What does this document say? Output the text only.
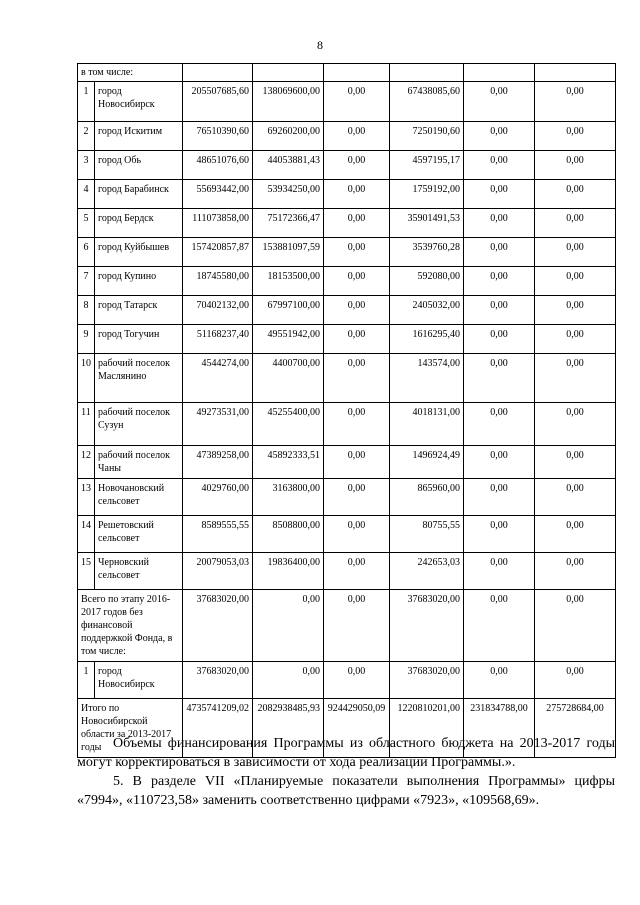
8
в том числе:							
1	город Новосибирск	205507685,60	138069600,00	0,00	67438085,60	0,00	0,00
2	город Искитим	76510390,60	69260200,00	0,00	7250190,60	0,00	0,00
3	город Обь	48651076,60	44053881,43	0,00	4597195,17	0,00	0,00
4	город Барабинск	55693442,00	53934250,00	0,00	1759192,00	0,00	0,00
5	город Бердск	111073858,00	75172366,47	0,00	35901491,53	0,00	0,00
6	город Куйбышев	157420857,87	153881097,59	0,00	3539760,28	0,00	0,00
7	город Купино	18745580,00	18153500,00	0,00	592080,00	0,00	0,00
8	город Татарск	70402132,00	67997100,00	0,00	2405032,00	0,00	0,00
9	город Тогучин	51168237,40	49551942,00	0,00	1616295,40	0,00	0,00
10	рабочий поселок Маслянино	4544274,00	4400700,00	0,00	143574,00	0,00	0,00
11	рабочий поселок Сузун	49273531,00	45255400,00	0,00	4018131,00	0,00	0,00
12	рабочий поселок Чаны	47389258,00	45892333,51	0,00	1496924,49	0,00	0,00
13	Новочановский сельсовет	4029760,00	3163800,00	0,00	865960,00	0,00	0,00
14	Решетовский сельсовет	8589555,55	8508800,00	0,00	80755,55	0,00	0,00
15	Черновский сельсовет	20079053,03	19836400,00	0,00	242653,03	0,00	0,00
Всего по этапу 2016-2017 годов без финансовой поддержкой Фонда, в том числе:		37683020,00	0,00	0,00	37683020,00	0,00	0,00
1	город Новосибирск	37683020,00	0,00	0,00	37683020,00	0,00	0,00
Итого по Новосибирской области за 2013-2017 годы		4735741209,02	2082938485,93	924429050,09	1220810201,00	231834788,00	275728684,00

Объемы финансирования Программы из областного бюджета на 2013-2017 годы могут корректироваться в зависимости от хода реализации Программы.».

5. В разделе VII «Планируемые показатели выполнения Программы» цифры «7994», «110723,58» заменить соответственно цифрами «7923», «109568,69».
